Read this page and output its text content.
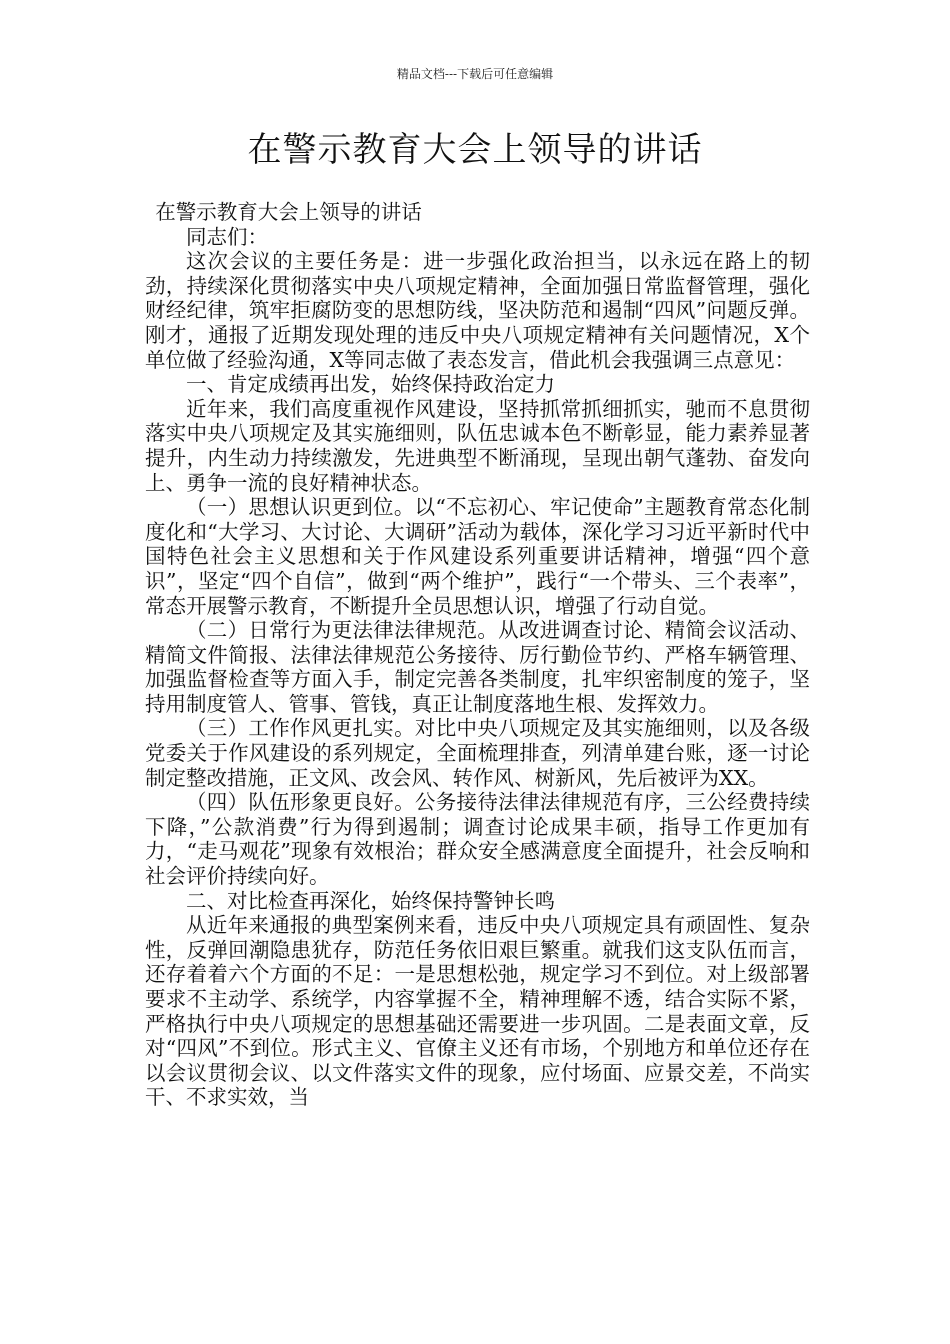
精品文档---下载后可任意编辑
在警示教育大会上领导的讲话

在警示教育大会上领导的讲话

同志们：

这次会议的主要任务是：进一步强化政治担当，以永远在路上的韧劲，持续深化贯彻落实中央八项规定精神，全面加强日常监督管理，强化财经纪律，筑牢拒腐防变的思想防线，坚决防范和遏制“四风”问题反弹。刚才，通报了近期发现处理的违反中央八项规定精神有关问题情况，X个单位做了经验沟通，X等同志做了表态发言，借此机会我强调三点意见：

一、肯定成绩再出发，始终保持政治定力

近年来，我们高度重视作风建设，坚持抓常抓细抓实，驰而不息贯彻落实中央八项规定及其实施细则，队伍忠诚本色不断彰显，能力素养显著提升，内生动力持续激发，先进典型不断涌现，呈现出朝气蓬勃、奋发向上、勇争一流的良好精神状态。

（一）思想认识更到位。以“不忘初心、牢记使命”主题教育常态化制度化和“大学习、大讨论、大调研”活动为载体，深化学习习近平新时代中国特色社会主义思想和关于作风建设系列重要讲话精神，增强“四个意识”，坚定“四个自信”，做到“两个维护”，践行“一个带头、三个表率”，常态开展警示教育，不断提升全员思想认识，增强了行动自觉。

（二）日常行为更法律法律规范。从改进调查讨论、精简会议活动、精简文件简报、法律法律规范公务接待、厉行勤俭节约、严格车辆管理、加强监督检查等方面入手，制定完善各类制度，扎牢织密制度的笼子，坚持用制度管人、管事、管钱，真正让制度落地生根、发挥效力。

（三）工作作风更扎实。对比中央八项规定及其实施细则，以及各级党委关于作风建设的系列规定，全面梳理排查，列清单建台账，逐一讨论制定整改措施，正文风、改会风、转作风、树新风，先后被评为XX。

（四）队伍形象更良好。公务接待法律法律规范有序，三公经费持续下降，”公款消费”行为得到遏制；调查讨论成果丰硕，指导工作更加有力，“走马观花”现象有效根治；群众安全感满意度全面提升，社会反响和社会评价持续向好。

二、对比检查再深化，始终保持警钟长鸣

从近年来通报的典型案例来看，违反中央八项规定具有顽固性、复杂性，反弹回潮隐患犹存，防范任务依旧艰巨繁重。就我们这支队伍而言，还存着着六个方面的不足：一是思想松弛，规定学习不到位。对上级部署要求不主动学、系统学，内容掌握不全，精神理解不透，结合实际不紧，严格执行中央八项规定的思想基础还需要进一步巩固。二是表面文章，反对“四风”不到位。形式主义、官僚主义还有市场，个别地方和单位还存在以会议贯彻会议、以文件落实文件的现象，应付场面、应景交差，不尚实干、不求实效，当
